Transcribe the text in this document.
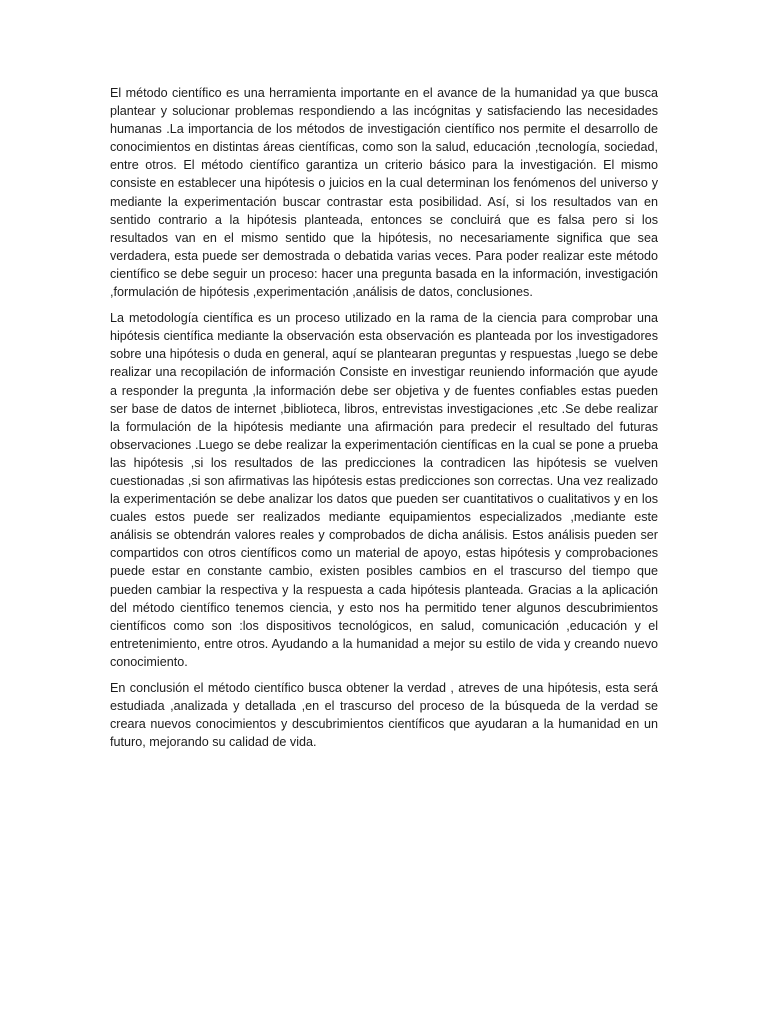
El método científico es una herramienta importante en el avance de la humanidad ya que busca plantear y solucionar problemas respondiendo a las incógnitas y satisfaciendo las necesidades humanas .La importancia de los métodos de investigación científico nos permite el desarrollo de conocimientos en distintas áreas científicas, como son la salud, educación ,tecnología, sociedad, entre otros. El método científico garantiza un criterio básico para la investigación. El mismo consiste en establecer una hipótesis o juicios en la cual determinan los fenómenos del universo y mediante la experimentación buscar contrastar esta posibilidad. Así, si los resultados van en sentido contrario a la hipótesis planteada, entonces se concluirá que es falsa pero si los resultados van en el mismo sentido que la hipótesis, no necesariamente significa que sea verdadera, esta puede ser demostrada o debatida varias veces. Para poder realizar este método científico se debe seguir un proceso: hacer una pregunta basada en la información, investigación ,formulación de hipótesis ,experimentación ,análisis de datos, conclusiones.

La metodología científica es un proceso utilizado en la rama de la ciencia para comprobar una hipótesis científica mediante la observación esta observación es planteada por los investigadores sobre una hipótesis o duda en general, aquí se plantearan preguntas y respuestas ,luego se debe realizar una recopilación de información Consiste en investigar reuniendo información que ayude a responder la pregunta ,la información debe ser objetiva y de fuentes confiables estas pueden ser base de datos de internet ,biblioteca, libros, entrevistas investigaciones ,etc .Se debe realizar la formulación de la hipótesis mediante una afirmación para predecir el resultado del futuras observaciones .Luego se debe realizar la experimentación científicas en la cual se pone a prueba las hipótesis ,si los resultados de las predicciones la contradicen las hipótesis se vuelven cuestionadas ,si son afirmativas las hipótesis estas predicciones son correctas. Una vez realizado la experimentación se debe analizar los datos que pueden ser cuantitativos o cualitativos y en los cuales estos puede ser realizados mediante equipamientos especializados ,mediante este análisis se obtendrán valores reales y comprobados de dicha análisis. Estos análisis pueden ser compartidos con otros científicos como un material de apoyo, estas hipótesis y comprobaciones puede estar en constante cambio, existen posibles cambios en el trascurso del tiempo que pueden cambiar la respectiva y la respuesta a cada hipótesis planteada. Gracias a la aplicación del método científico tenemos ciencia, y esto nos ha permitido tener algunos descubrimientos científicos como son :los dispositivos tecnológicos, en salud, comunicación ,educación y el entretenimiento, entre otros. Ayudando a la humanidad a mejor su estilo de vida y creando nuevo conocimiento.

En conclusión el método científico busca obtener la verdad , atreves de una hipótesis, esta será estudiada ,analizada y detallada ,en el trascurso del proceso de la búsqueda de la verdad se creara nuevos conocimientos y descubrimientos científicos que ayudaran a la humanidad en un futuro, mejorando su calidad de vida.
